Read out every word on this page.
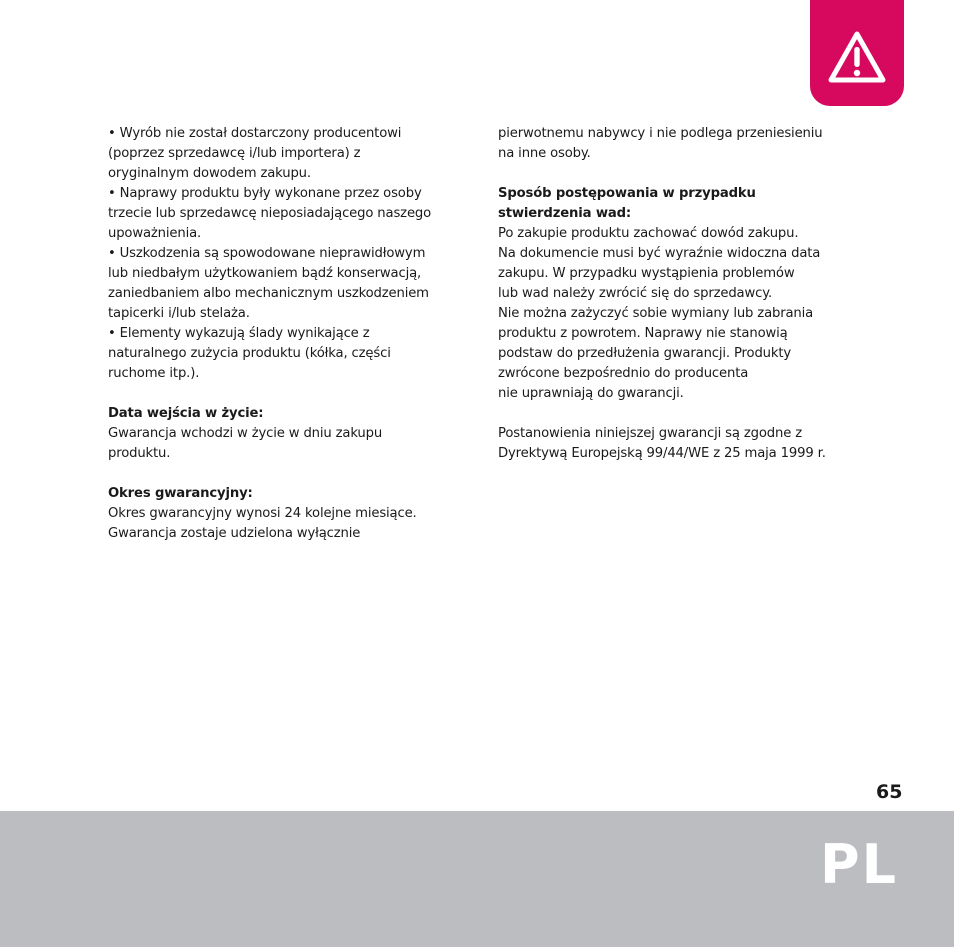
• Wyrób nie został dostarczony producentowi
(poprzez sprzedawcę i/lub importera) z
oryginalnym dowodem zakupu.
• Naprawy produktu były wykonane przez osoby
trzecie lub sprzedawcę nieposiadającego naszego
upoważnienia.
• Uszkodzenia są spowodowane nieprawidłowym
lub niedbałym użytkowaniem bądź konserwacją,
zaniedbaniem albo mechanicznym uszkodzeniem
tapicerki i/lub stelaża.
• Elementy wykazują ślady wynikające z
naturalnego zużycia produktu (kółka, części
ruchome itp.).
Data wejścia w życie:
Gwarancja wchodzi w życie w dniu zakupu
produktu.
Okres gwarancyjny:
Okres gwarancyjny wynosi 24 kolejne miesiące.
Gwarancja zostaje udzielona wyłącznie
pierwotnemu nabywcy i nie podlega przeniesieniu
na inne osoby.
Sposób postępowania w przypadku
stwierdzenia wad:
Po zakupie produktu zachować dowód zakupu.
Na dokumencie musi być wyraźnie widoczna data
zakupu. W przypadku wystąpienia problemów
lub wad należy zwrócić się do sprzedawcy.
Nie można zażyczyć sobie wymiany lub zabrania
produktu z powrotem. Naprawy nie stanowią
podstaw do przedłużenia gwarancji. Produkty
zwrócone bezpośrednio do producenta
nie uprawniają do gwarancji.
Postanowienia niniejszej gwarancji są zgodne z
Dyrektywą Europejską 99/44/WE z 25 maja 1999 r.
65
PL
